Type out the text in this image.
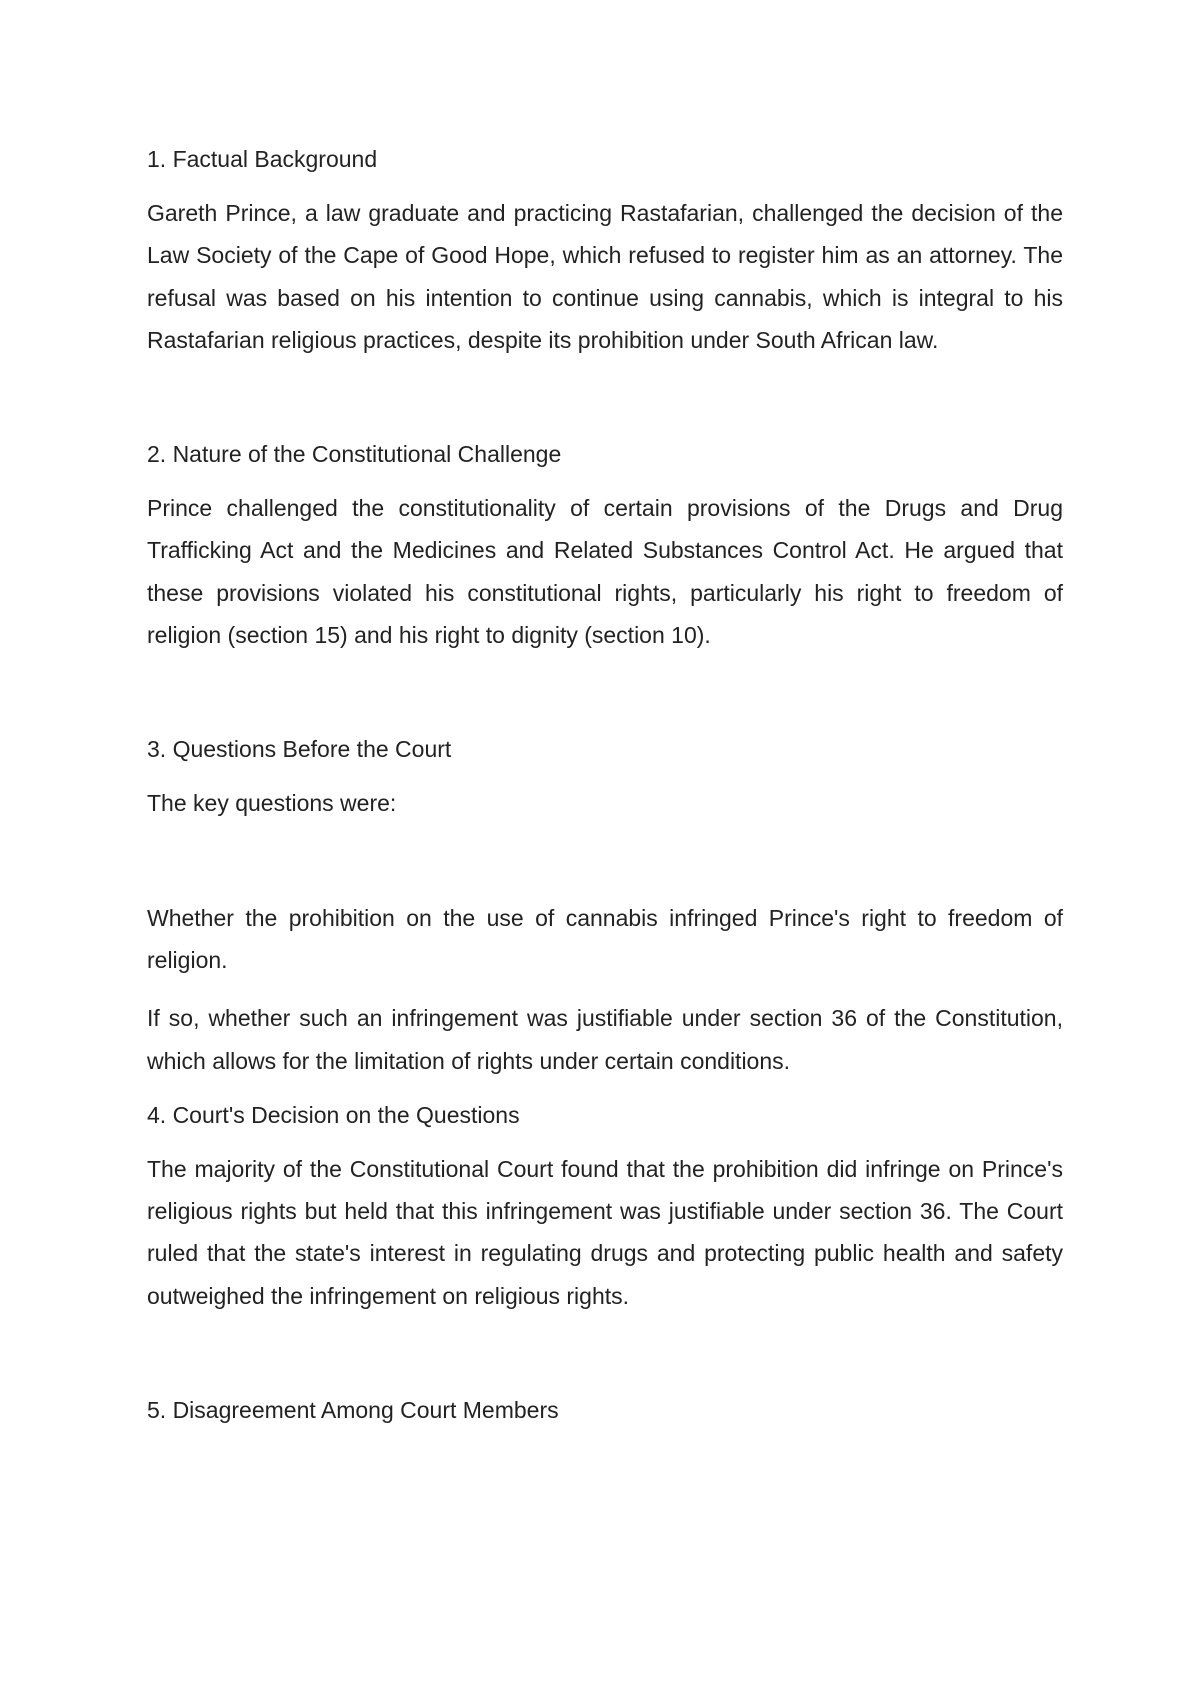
1. Factual Background
Gareth Prince, a law graduate and practicing Rastafarian, challenged the decision of the Law Society of the Cape of Good Hope, which refused to register him as an attorney. The refusal was based on his intention to continue using cannabis, which is integral to his Rastafarian religious practices, despite its prohibition under South African law.
2. Nature of the Constitutional Challenge
Prince challenged the constitutionality of certain provisions of the Drugs and Drug Trafficking Act and the Medicines and Related Substances Control Act. He argued that these provisions violated his constitutional rights, particularly his right to freedom of religion (section 15) and his right to dignity (section 10).
3. Questions Before the Court
The key questions were:
Whether the prohibition on the use of cannabis infringed Prince's right to freedom of religion.
If so, whether such an infringement was justifiable under section 36 of the Constitution, which allows for the limitation of rights under certain conditions.
4. Court's Decision on the Questions
The majority of the Constitutional Court found that the prohibition did infringe on Prince's religious rights but held that this infringement was justifiable under section 36. The Court ruled that the state's interest in regulating drugs and protecting public health and safety outweighed the infringement on religious rights.
5. Disagreement Among Court Members
